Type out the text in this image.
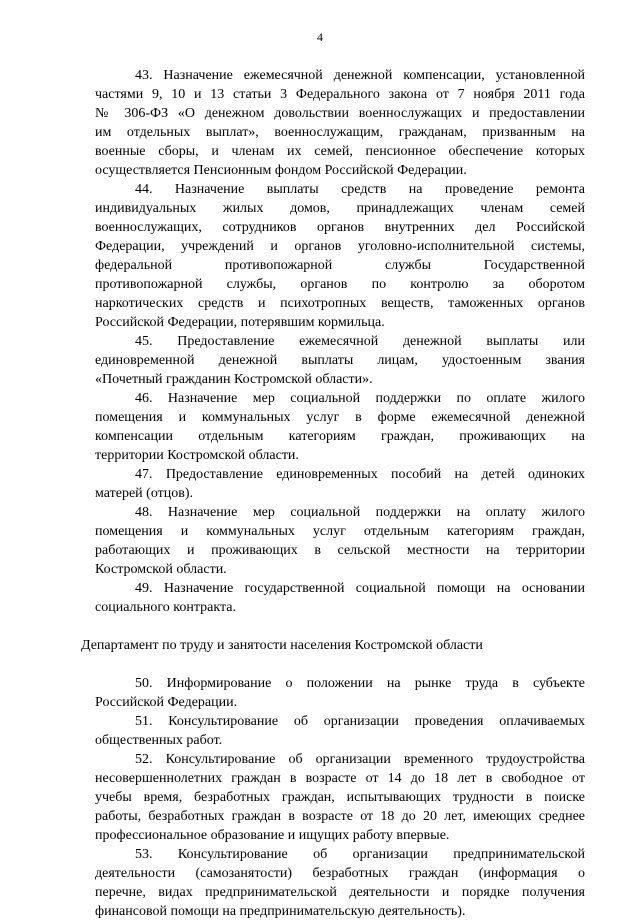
4
43. Назначение ежемесячной денежной компенсации, установленной
частями 9, 10 и 13 статьи 3 Федерального закона от 7 ноября 2011 года
№ 306-ФЗ «О денежном довольствии военнослужащих и предоставлении
им отдельных выплат», военнослужащим, гражданам, призванным на
военные сборы, и членам их семей, пенсионное обеспечение которых
осуществляется Пенсионным фондом Российской Федерации.
44. Назначение выплаты средств на проведение ремонта
индивидуальных жилых домов, принадлежащих членам семей
военнослужащих, сотрудников органов внутренних дел Российской
Федерации, учреждений и органов уголовно-исполнительной системы,
федеральной противопожарной службы Государственной
противопожарной службы, органов по контролю за оборотом
наркотических средств и психотропных веществ, таможенных органов
Российской Федерации, потерявшим кормильца.
45. Предоставление ежемесячной денежной выплаты или
единовременной денежной выплаты лицам, удостоенным звания
«Почетный гражданин Костромской области».
46. Назначение мер социальной поддержки по оплате жилого
помещения и коммунальных услуг в форме ежемесячной денежной
компенсации отдельным категориям граждан, проживающих на
территории Костромской области.
47. Предоставление единовременных пособий на детей одиноких
матерей (отцов).
48. Назначение мер социальной поддержки на оплату жилого
помещения и коммунальных услуг отдельным категориям граждан,
работающих и проживающих в сельской местности на территории
Костромской области.
49. Назначение государственной социальной помощи на основании
социального контракта.
Департамент по труду и занятости населения Костромской области
50. Информирование о положении на рынке труда в субъекте
Российской Федерации.
51. Консультирование об организации проведения оплачиваемых
общественных работ.
52. Консультирование об организации временного трудоустройства
несовершеннолетних граждан в возрасте от 14 до 18 лет в свободное от
учебы время, безработных граждан, испытывающих трудности в поиске
работы, безработных граждан в возрасте от 18 до 20 лет, имеющих среднее
профессиональное образование и ищущих работу впервые.
53. Консультирование об организации предпринимательской
деятельности (самозанятости) безработных граждан (информация о
перечне, видах предпринимательской деятельности и порядке получения
финансовой помощи на предпринимательскую деятельность).
